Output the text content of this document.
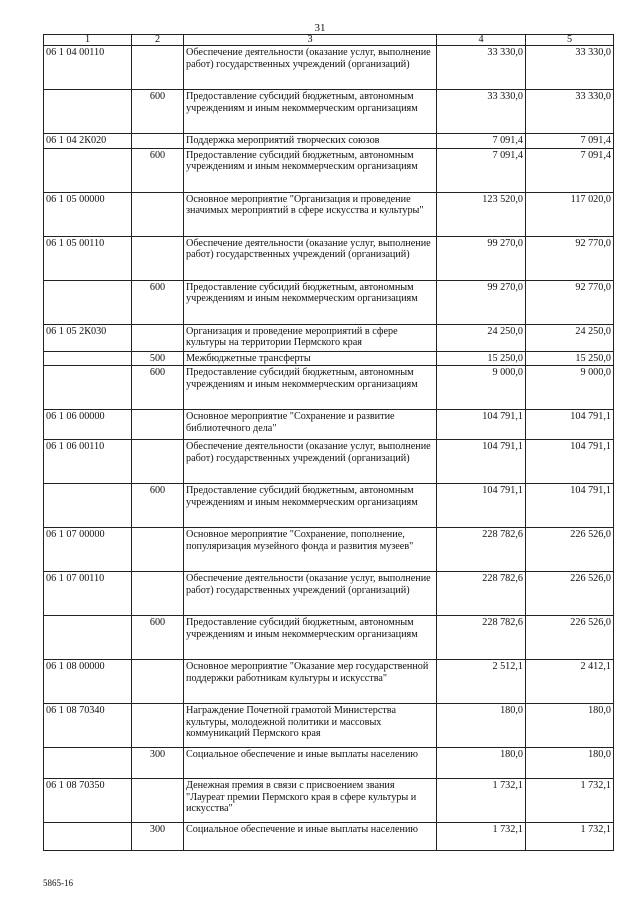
31
1	2	3	4	5
06 1 04 00110		Обеспечение деятельности (оказание услуг, выполнение работ) государственных учреждений (организаций)	33 330,0	33 330,0
	600	Предоставление субсидий бюджетным, автономным учреждениям и иным некоммерческим организациям	33 330,0	33 330,0
06 1 04 2К020		Поддержка мероприятий творческих союзов	7 091,4	7 091,4
	600	Предоставление субсидий бюджетным, автономным учреждениям и иным некоммерческим организациям	7 091,4	7 091,4
06 1 05 00000		Основное мероприятие "Организация и проведение значимых мероприятий в сфере искусства и культуры"	123 520,0	117 020,0
06 1 05 00110		Обеспечение деятельности (оказание услуг, выполнение работ) государственных учреждений (организаций)	99 270,0	92 770,0
	600	Предоставление субсидий бюджетным, автономным учреждениям и иным некоммерческим организациям	99 270,0	92 770,0
06 1 05 2К030		Организация и проведение мероприятий в сфере культуры на территории Пермского края	24 250,0	24 250,0
	500	Межбюджетные трансферты	15 250,0	15 250,0
	600	Предоставление субсидий бюджетным, автономным учреждениям и иным некоммерческим организациям	9 000,0	9 000,0
06 1 06 00000		Основное мероприятие "Сохранение и развитие библиотечного дела"	104 791,1	104 791,1
06 1 06 00110		Обеспечение деятельности (оказание услуг, выполнение работ) государственных учреждений (организаций)	104 791,1	104 791,1
	600	Предоставление субсидий бюджетным, автономным учреждениям и иным некоммерческим организациям	104 791,1	104 791,1
06 1 07 00000		Основное мероприятие "Сохранение, пополнение, популяризация музейного фонда и развития музеев"	228 782,6	226 526,0
06 1 07 00110		Обеспечение деятельности (оказание услуг, выполнение работ) государственных учреждений (организаций)	228 782,6	226 526,0
	600	Предоставление субсидий бюджетным, автономным учреждениям и иным некоммерческим организациям	228 782,6	226 526,0
06 1 08 00000		Основное мероприятие "Оказание мер государственной поддержки работникам культуры и искусства"	2 512,1	2 412,1
06 1 08 70340		Награждение Почетной грамотой Министерства культуры, молодежной политики и массовых коммуникаций Пермского края	180,0	180,0
	300	Социальное обеспечение и иные выплаты населению	180,0	180,0
06 1 08 70350		Денежная премия в связи с присвоением звания "Лауреат премии Пермского края в сфере культуры и искусства"	1 732,1	1 732,1
	300	Социальное обеспечение и иные выплаты населению	1 732,1	1 732,1
5865-16
